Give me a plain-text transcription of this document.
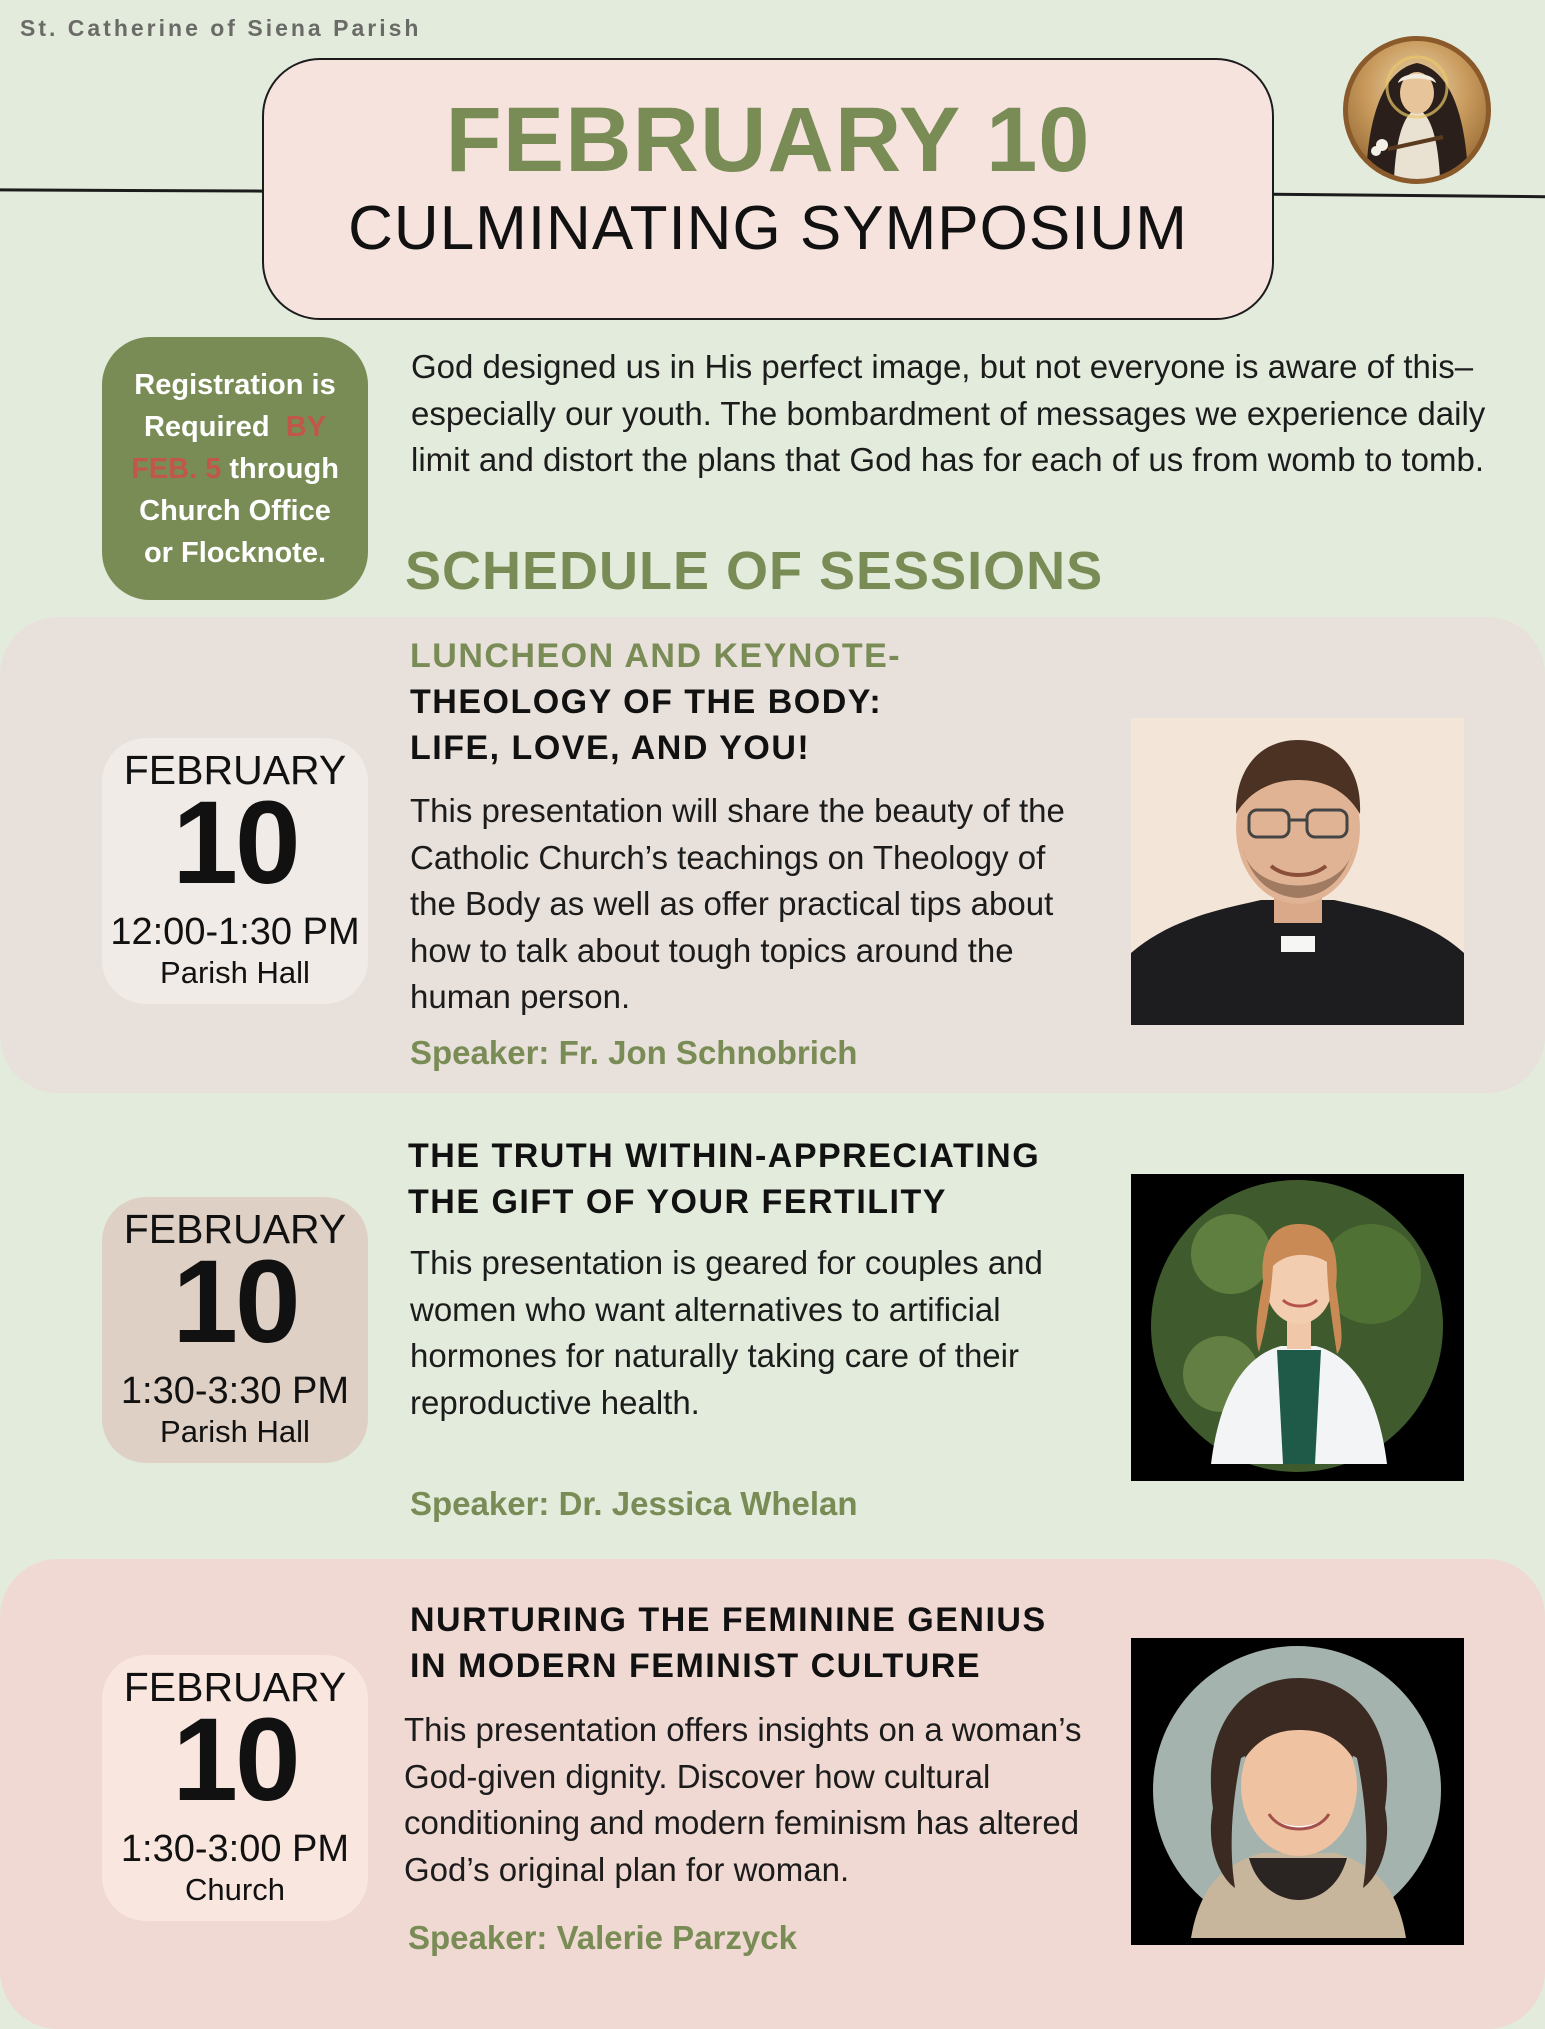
St. Catherine of Siena Parish
FEBRUARY 10
CULMINATING SYMPOSIUM
Registration is
Required BY
FEB. 5 through
Church Office
or Flocknote.
God designed us in His perfect image, but not everyone is aware of this– especially our youth. The bombardment of messages we experience daily limit and distort the plans that God has for each of us from womb to tomb.
SCHEDULE OF SESSIONS
FEBRUARY
10
12:00-1:30 PM
Parish Hall
LUNCHEON AND KEYNOTE-
THEOLOGY OF THE BODY:
LIFE, LOVE, AND YOU!
This presentation will share the beauty of the Catholic Church’s teachings on Theology of the Body as well as offer practical tips about how to talk about tough topics around the human person.
Speaker: Fr. Jon Schnobrich
FEBRUARY
10
1:30-3:30 PM
Parish Hall
THE TRUTH WITHIN-APPRECIATING
THE GIFT OF YOUR FERTILITY
This presentation is geared for couples and women who want alternatives to artificial hormones for naturally taking care of their reproductive health.
Speaker: Dr. Jessica Whelan
FEBRUARY
10
1:30-3:00 PM
Church
NURTURING THE FEMININE GENIUS
IN MODERN FEMINIST CULTURE
This presentation offers insights on a woman’s God-given dignity. Discover how cultural conditioning and modern feminism has altered God’s original plan for woman.
Speaker: Valerie Parzyck
